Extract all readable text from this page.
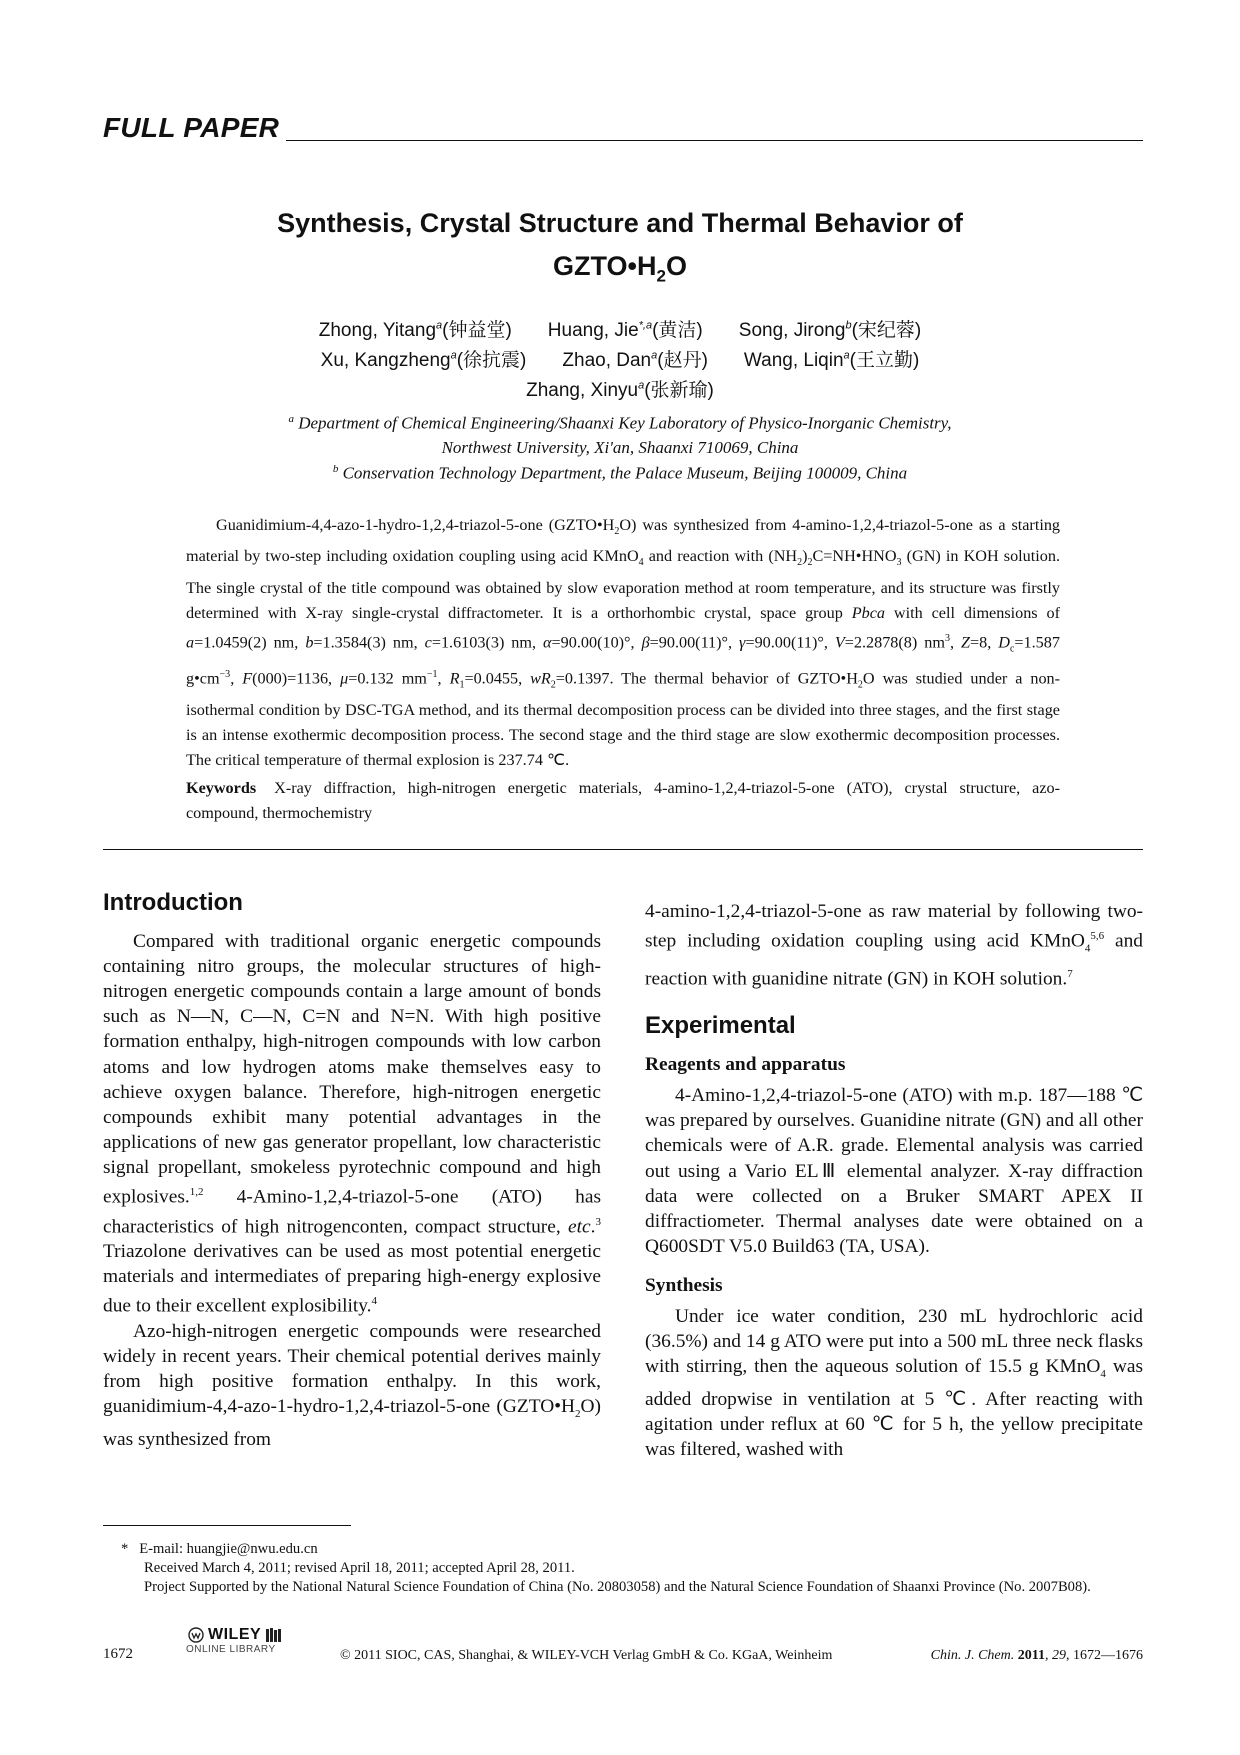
FULL PAPER
Synthesis, Crystal Structure and Thermal Behavior of
$GZTO•H_2O$
Zhong, Yitang$^a$(钟益堂) Huang, Jie$^{*,a}$(黄洁) Song, Jirong$^b$(宋纪蓉)
Xu, Kangzheng$^a$(徐抗震) Zhao, Dan$^a$(赵丹) Wang, Liqin$^a$(王立勤)
Zhang, Xinyu$^a$(张新瑜)
$^a$ Department of Chemical Engineering/Shaanxi Key Laboratory of Physico-Inorganic Chemistry,
Northwest University, Xi'an, Shaanxi 710069, China
$^b$ Conservation Technology Department, the Palace Museum, Beijing 100009, China
Guanidimium-4,4-azo-1-hydro-1,2,4-triazol-5-one $(GZTO•H_2O)$ was synthesized from 4-amino-1,2,4-triazol-5-one as a starting material by two-step including oxidation coupling using acid KMnO$_4$ and reaction with $(NH_2)_2C=NH•HNO_3$ (GN) in KOH solution. The single crystal of the title compound was obtained by slow evaporation method at room temperature, and its structure was firstly determined with X-ray single-crystal diffractometer. It is a orthorhombic crystal, space group Pbca with cell dimensions of a=1.0459(2) nm, b=1.3584(3) nm, c=1.6103(3) nm, α=90.00(10)°, β=90.00(11)°, γ=90.00(11)°, V=2.2878(8) $nm^3$, Z=8, $D_c=1.587$ $g•cm^{-3}$, F(000)=1136, μ=0.132 $mm^{-1}$, $R_1=0.0455$, $wR_2=0.1397$. The thermal behavior of $GZTO•H_2O$ was studied under a non-isothermal condition by DSC-TGA method, and its thermal decomposition process can be divided into three stages, and the first stage is an intense exothermic decomposition process. The second stage and the third stage are slow exothermic decomposition processes. The critical temperature of thermal explosion is 237.74 ℃.
Keywords X-ray diffraction, high-nitrogen energetic materials, 4-amino-1,2,4-triazol-5-one (ATO), crystal structure, azo-compound, thermochemistry
Introduction

Compared with traditional organic energetic compounds containing nitro groups, the molecular structures of high-nitrogen energetic compounds contain a large amount of bonds such as N—N, C—N, C=N and N=N. With high positive formation enthalpy, high-nitrogen compounds with low carbon atoms and low hydrogen atoms make themselves easy to achieve oxygen balance. Therefore, high-nitrogen energetic compounds exhibit many potential advantages in the applications of new gas generator propellant, low characteristic signal propellant, smokeless pyrotechnic compound and high explosives.$^{1,2}$ 4-Amino-1,2,4-triazol-5-one (ATO) has characteristics of high nitrogenconten, compact structure, etc.$^3$ Triazolone derivatives can be used as most potential energetic materials and intermediates of preparing high-energy explosive due to their excellent explosibility.$^4$

Azo-high-nitrogen energetic compounds were researched widely in recent years. Their chemical potential derives mainly from high positive formation enthalpy. In this work, guanidimium-4,4-azo-1-hydro-1,2,4-triazol-5-one $(GZTO•H_2O)$ was synthesized from

4-amino-1,2,4-triazol-5-one as raw material by following two-step including oxidation coupling using acid KMnO$_4^{5,6}$ and reaction with guanidine nitrate (GN) in KOH solution.$^7$

Experimental
Reagents and apparatus

4-Amino-1,2,4-triazol-5-one (ATO) with m.p. 187—188 ℃ was prepared by ourselves. Guanidine nitrate (GN) and all other chemicals were of A.R. grade. Elemental analysis was carried out using a Vario ELⅢ elemental analyzer. X-ray diffraction data were collected on a Bruker SMART APEX II diffractiometer. Thermal analyses date were obtained on a Q600SDT V5.0 Build63 (TA, USA).

Synthesis

Under ice water condition, 230 mL hydrochloric acid (36.5%) and 14 g ATO were put into a 500 mL three neck flasks with stirring, then the aqueous solution of 15.5 g KMnO$_4$ was added dropwise in ventilation at 5 ℃. After reacting with agitation under reflux at 60 ℃ for 5 h, the yellow precipitate was filtered, washed with

* E-mail: huangjie@nwu.edu.cn
Received March 4, 2011; revised April 18, 2011; accepted April 28, 2011.
Project Supported by the National Natural Science Foundation of China (No. 20803058) and the Natural Science Foundation of Shaanxi Province (No. 2007B08).
1672
WILEY
ONLINE LIBRARY	© 2011 SIOC, CAS, Shanghai, & WILEY-VCH Verlag GmbH & Co. KGaA, Weinheim	Chin. J. Chem. 2011, 29, 1672—1676
